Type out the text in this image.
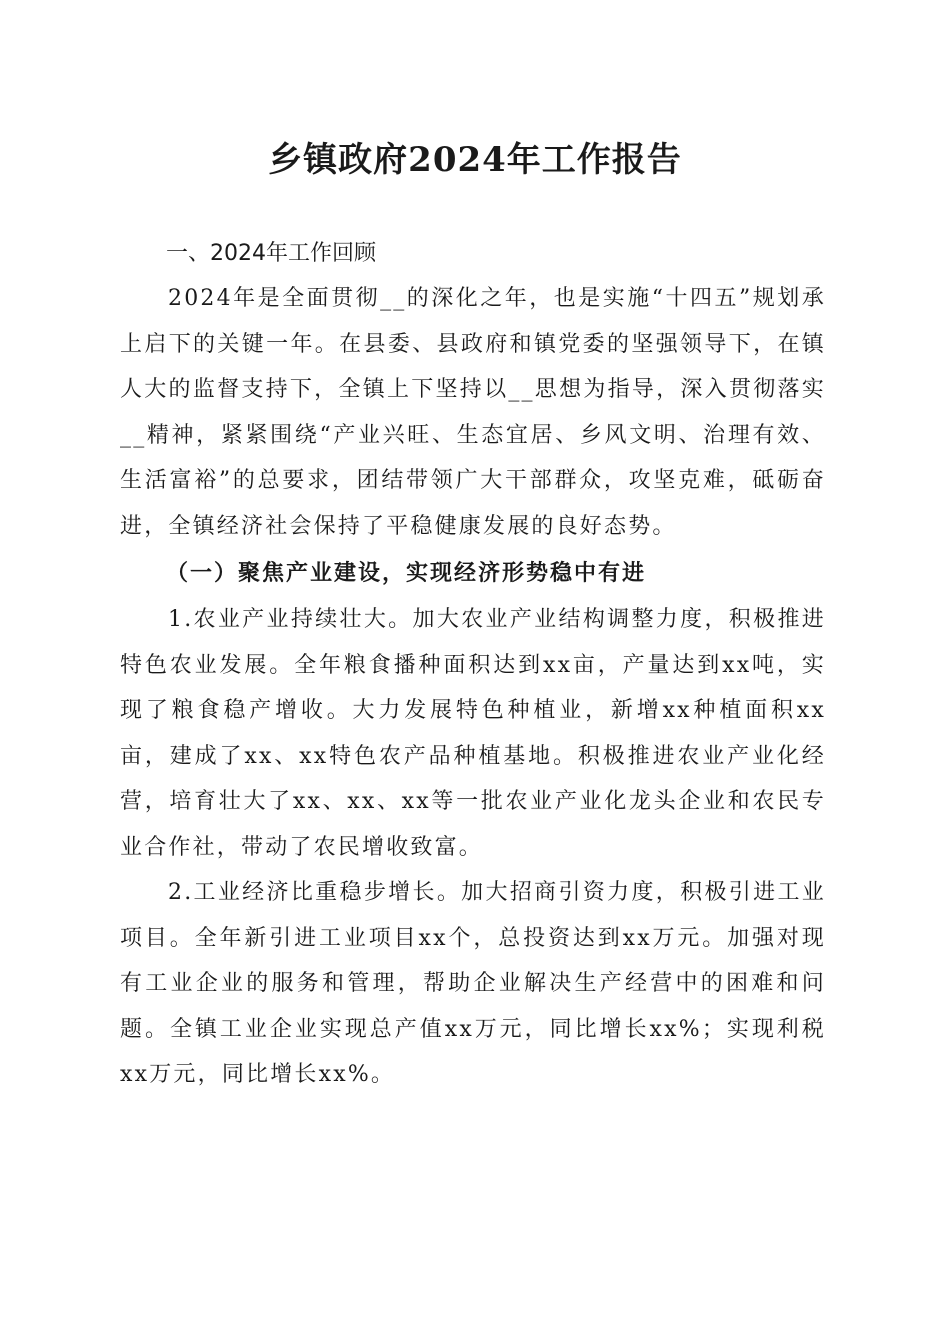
乡镇政府2024年工作报告

一、2024年工作回顾

2024年是全面贯彻__的深化之年，也是实施“十四五”规划承上启下的关键一年。在县委、县政府和镇党委的坚强领导下，在镇人大的监督支持下，全镇上下坚持以__思想为指导，深入贯彻落实__精神，紧紧围绕“产业兴旺、生态宜居、乡风文明、治理有效、生活富裕”的总要求，团结带领广大干部群众，攻坚克难，砥砺奋进，全镇经济社会保持了平稳健康发展的良好态势。

（一）聚焦产业建设，实现经济形势稳中有进

1.农业产业持续壮大。加大农业产业结构调整力度，积极推进特色农业发展。全年粮食播种面积达到xx亩，产量达到xx吨，实现了粮食稳产增收。大力发展特色种植业，新增xx种植面积xx亩，建成了xx、xx特色农产品种植基地。积极推进农业产业化经营，培育壮大了xx、xx、xx等一批农业产业化龙头企业和农民专业合作社，带动了农民增收致富。

2.工业经济比重稳步增长。加大招商引资力度，积极引进工业项目。全年新引进工业项目xx个，总投资达到xx万元。加强对现有工业企业的服务和管理，帮助企业解决生产经营中的困难和问题。全镇工业企业实现总产值xx万元，同比增长xx%；实现利税xx万元，同比增长xx%。
